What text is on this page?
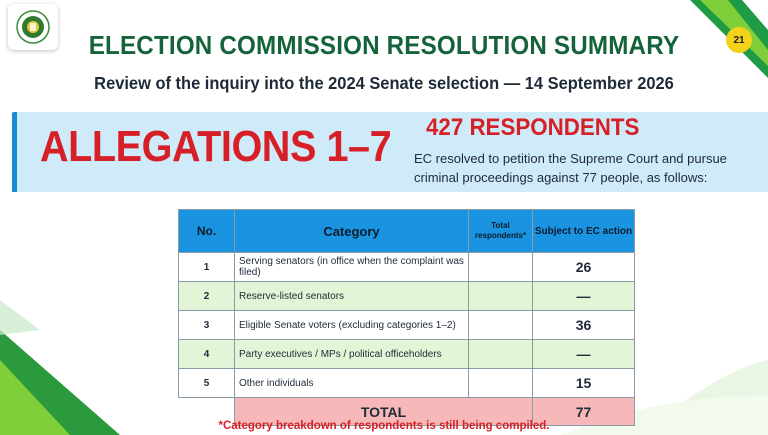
21
ELECTION COMMISSION RESOLUTION SUMMARY
Review of the inquiry into the 2024 Senate selection — 14 September 2026
ALLEGATIONS 1–7 427 RESPONDENTS
EC resolved to petition the Supreme Court and pursue criminal proceedings against 77 people, as follows:
No.	Category	Total respondents*	Subject to EC action
1	Serving senators (in office when the complaint was filed)		26
2	Reserve-listed senators		—
3	Eligible Senate voters (excluding categories 1–2)		36
4	Party executives / MPs / political officeholders		—
5	Other individuals		15
	TOTAL		77
*Category breakdown of respondents is still being compiled.
